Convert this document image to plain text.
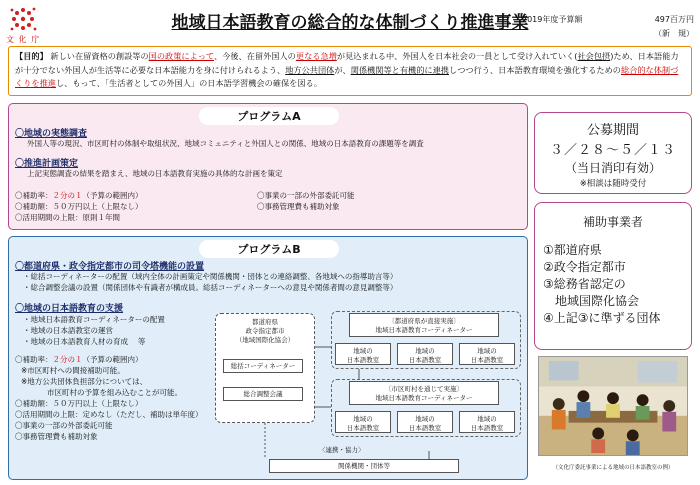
文 化 庁
地域日本語教育の総合的な体制づくり推進事業
2019年度予算額	497百万円
（新　規）
【目的】 新しい在留資格の創設等の国の政策によって、今後、在留外国人の更なる急増が見込まれる中、外国人を日本社会の一員として受け入れていく(社会包摂)ため、日本語能力が十分でない外国人が生活等に必要な日本語能力を身に付けられるよう、地方公共団体が、関係機関等と有機的に連携しつつ行う、日本語教育環境を強化するための総合的な体制づくりを推進し、もって、「生活者としての外国人」の日本語学習機会の確保を図る。
プログラムA
〇地域の実態調査
外国人等の現況、市区町村の体制や取組状況、地域コミュニティと外国人との関係、地域の日本語教育の課題等を調査
〇推進計画策定
上記実態調査の結果を踏まえ、地域の日本語教育実施の具体的な計画を策定
〇補助率：２分の１（予算の範囲内）
〇補助額：５０万円以上（上限なし）
〇活用期間の上限：原則１年間
〇事業の一部の外部委託可能
〇事務管理費も補助対象
公募期間
３／２８～５／１３
（当日消印有効）
※相談は随時受付
補助事業者
①都道府県
②政令指定都市
③総務省認定の
　地域国際化協会
④上記③に準ずる団体
プログラムB
〇都道府県・政令指定都市の司令塔機能の設置
・総括コーディネーターの配置（域内全体の計画策定や関係機関・団体との連絡調整、各地域への指導助言等）
・総合調整会議の設置（関係団体や有識者が構成員。総括コーディネーターへの意見や関係者間の意見調整等）
〇地域の日本語教育の支援
・地域日本語教育コーディネーターの配置
・地域の日本語教室の運営
・地域の日本語教育人材の育成　 等
〇補助率：２分の１（予算の範囲内）
※市区町村への間接補助可能。
※地方公共団体負担部分については、
市区町村の予算を組み込むことが可能。
〇補助額：５０万円以上（上限なし）
〇活用期間の上限：定めなし（ただし、補助は単年度）
〇事業の一部の外部委託可能
〇事務管理費も補助対象
都道府県
政令指定都市
（地域国際化協会）
総括コーディネーター
総合調整会議
〔都道府県が直接実施〕
地域日本語教育コーディネーター
地域の
日本語教室
地域の
日本語教室
地域の
日本語教室
〔市区町村を通じて実施〕
地域日本語教育コーディネーター
地域の
日本語教室
地域の
日本語教室
地域の
日本語教室
〈連携・協力〉
関係機関・団体等	（文化庁委託事業による地域の日本語教室の例）
